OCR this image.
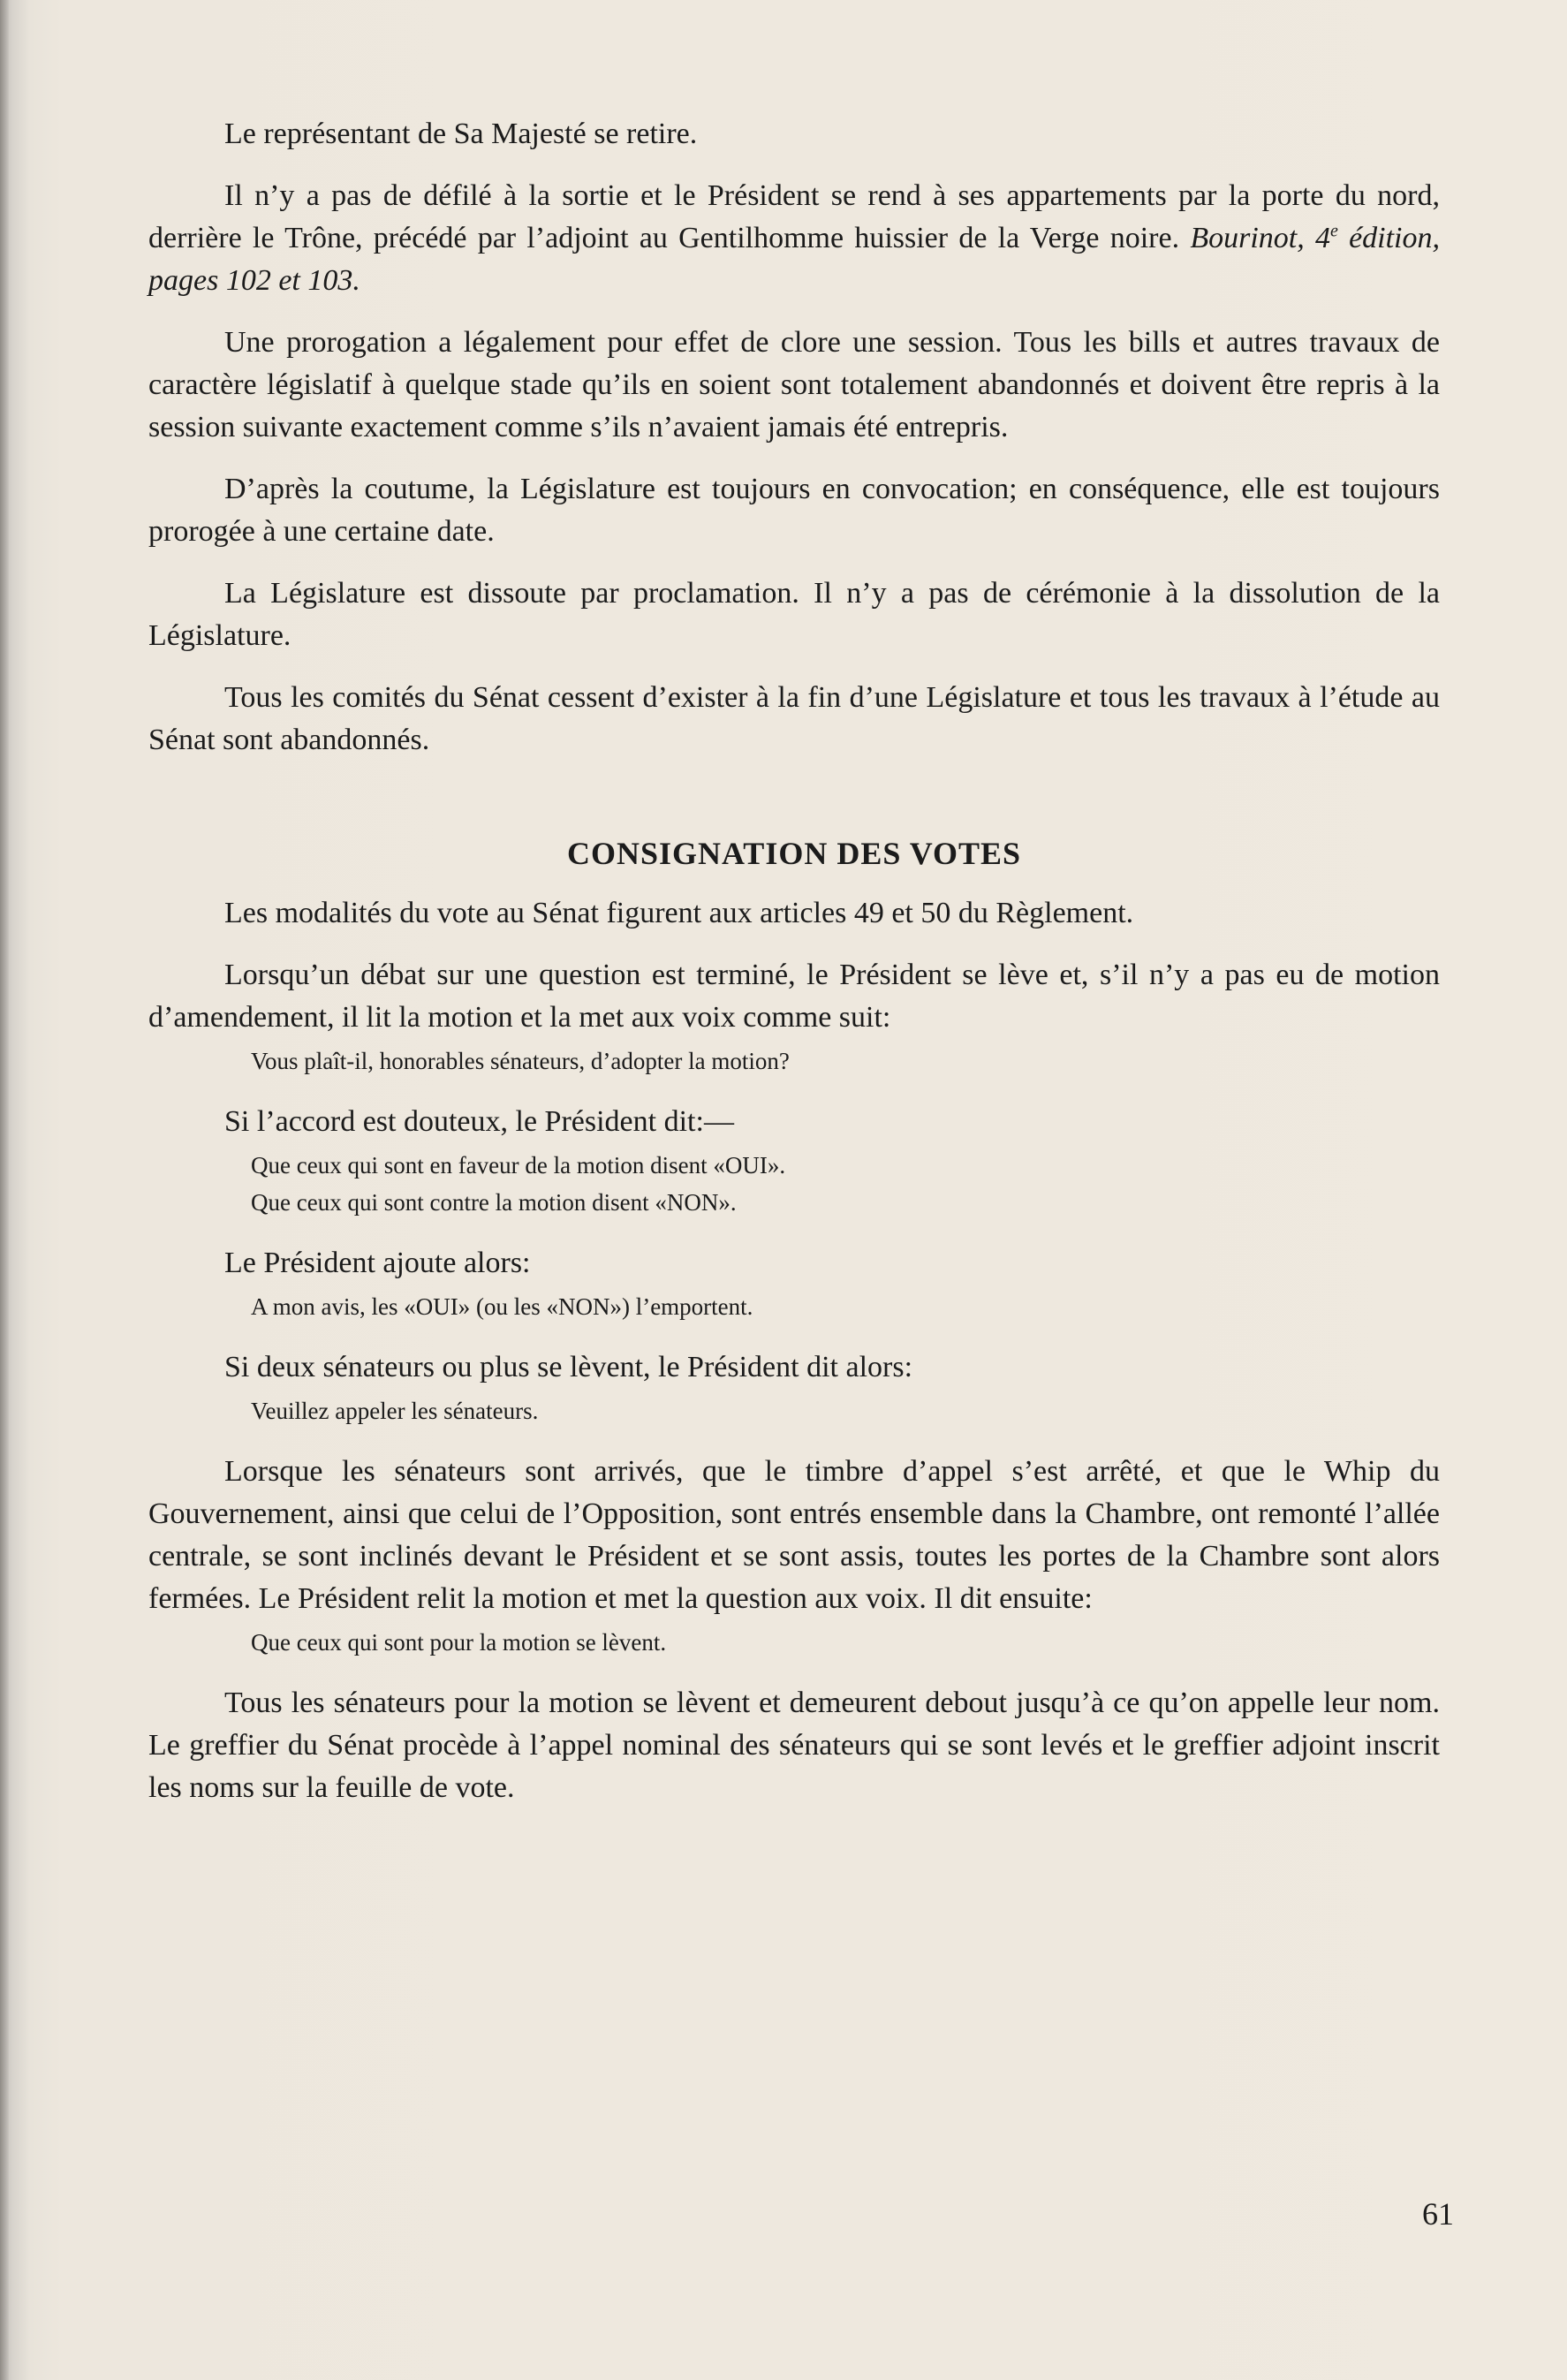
Le représentant de Sa Majesté se retire.

Il n’y a pas de défilé à la sortie et le Président se rend à ses appartements par la porte du nord, derrière le Trône, précédé par l’adjoint au Gentilhomme huissier de la Verge noire. Bourinot, 4e édition, pages 102 et 103.

Une prorogation a légalement pour effet de clore une session. Tous les bills et autres travaux de caractère législatif à quelque stade qu’ils en soient sont totalement abandonnés et doivent être repris à la session suivante exactement comme s’ils n’avaient jamais été entrepris.

D’après la coutume, la Législature est toujours en convocation; en conséquence, elle est toujours prorogée à une certaine date.

La Législature est dissoute par proclamation. Il n’y a pas de cérémonie à la dissolution de la Législature.

Tous les comités du Sénat cessent d’exister à la fin d’une Législature et tous les travaux à l’étude au Sénat sont abandonnés.

CONSIGNATION DES VOTES

Les modalités du vote au Sénat figurent aux articles 49 et 50 du Règlement.

Lorsqu’un débat sur une question est terminé, le Président se lève et, s’il n’y a pas eu de motion d’amendement, il lit la motion et la met aux voix comme suit:

Vous plaît-il, honorables sénateurs, d’adopter la motion?

Si l’accord est douteux, le Président dit:—

Que ceux qui sont en faveur de la motion disent «OUI».

Que ceux qui sont contre la motion disent «NON».

Le Président ajoute alors:

A mon avis, les «OUI» (ou les «NON») l’emportent.

Si deux sénateurs ou plus se lèvent, le Président dit alors:

Veuillez appeler les sénateurs.

Lorsque les sénateurs sont arrivés, que le timbre d’appel s’est arrêté, et que le Whip du Gouvernement, ainsi que celui de l’Opposition, sont entrés ensemble dans la Chambre, ont remonté l’allée centrale, se sont inclinés devant le Président et se sont assis, toutes les portes de la Chambre sont alors fermées. Le Président relit la motion et met la question aux voix. Il dit ensuite:

Que ceux qui sont pour la motion se lèvent.

Tous les sénateurs pour la motion se lèvent et demeurent debout jusqu’à ce qu’on appelle leur nom. Le greffier du Sénat procède à l’appel nominal des sénateurs qui se sont levés et le greffier adjoint inscrit les noms sur la feuille de vote.

61
